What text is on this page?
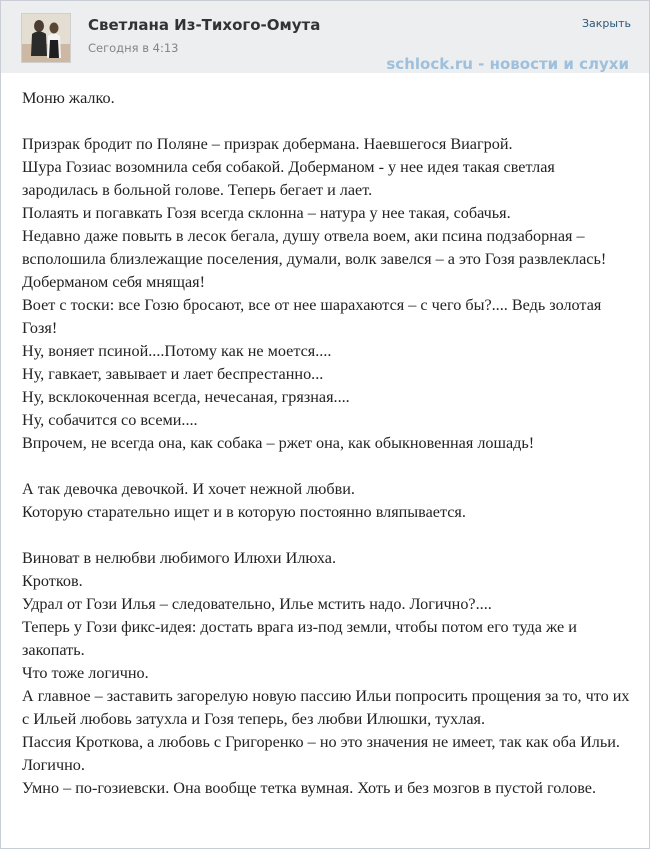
Светлана Из-Тихого-Омута
Сегодня в 4:13
Закрыть
schlock.ru - новости и слухи

Моню жалко.

Призрак бродит по Поляне – призрак добермана. Наевшегося Виагрой.

Шура Гозиас возомнила себя собакой. Доберманом - у нее идея такая светлая зародилась в больной голове. Теперь бегает и лает.

Полаять и погавкать Гозя всегда склонна – натура у нее такая, собачья.

Недавно даже повыть в лесок бегала, душу отвела воем, аки псина подзаборная – всполошила близлежащие поселения, думали, волк завелся – а это Гозя развлеклась! Доберманом себя мнящая!

Воет с тоски: все Гозю бросают, все от нее шарахаются – с чего бы?.... Ведь золотая Гозя!

Ну, воняет псиной....Потому как не моется....

Ну, гавкает, завывает и лает беспрестанно...

Ну, всклокоченная всегда, нечесаная, грязная....

Ну, собачится со всеми....

Впрочем, не всегда она, как собака – ржет она, как обыкновенная лошадь!

А так девочка девочкой. И хочет нежной любви.

Которую старательно ищет и в которую постоянно вляпывается.

Виноват в нелюбви любимого Илюхи Илюха.

Кротков.

Удрал от Гози Илья – следовательно, Илье мстить надо. Логично?....

Теперь у Гози фикс-идея: достать врага из-под земли, чтобы потом его туда же и закопать.

Что тоже логично.

А главное – заставить загорелую новую пассию Ильи попросить прощения за то, что их с Ильей любовь затухла и Гозя теперь, без любви Илюшки, тухлая.

Пассия Кроткова, а любовь с Григоренко – но это значения не имеет, так как оба Ильи.

Логично.

Умно – по-гозиевски. Она вообще тетка вумная. Хоть и без мозгов в пустой голове.
